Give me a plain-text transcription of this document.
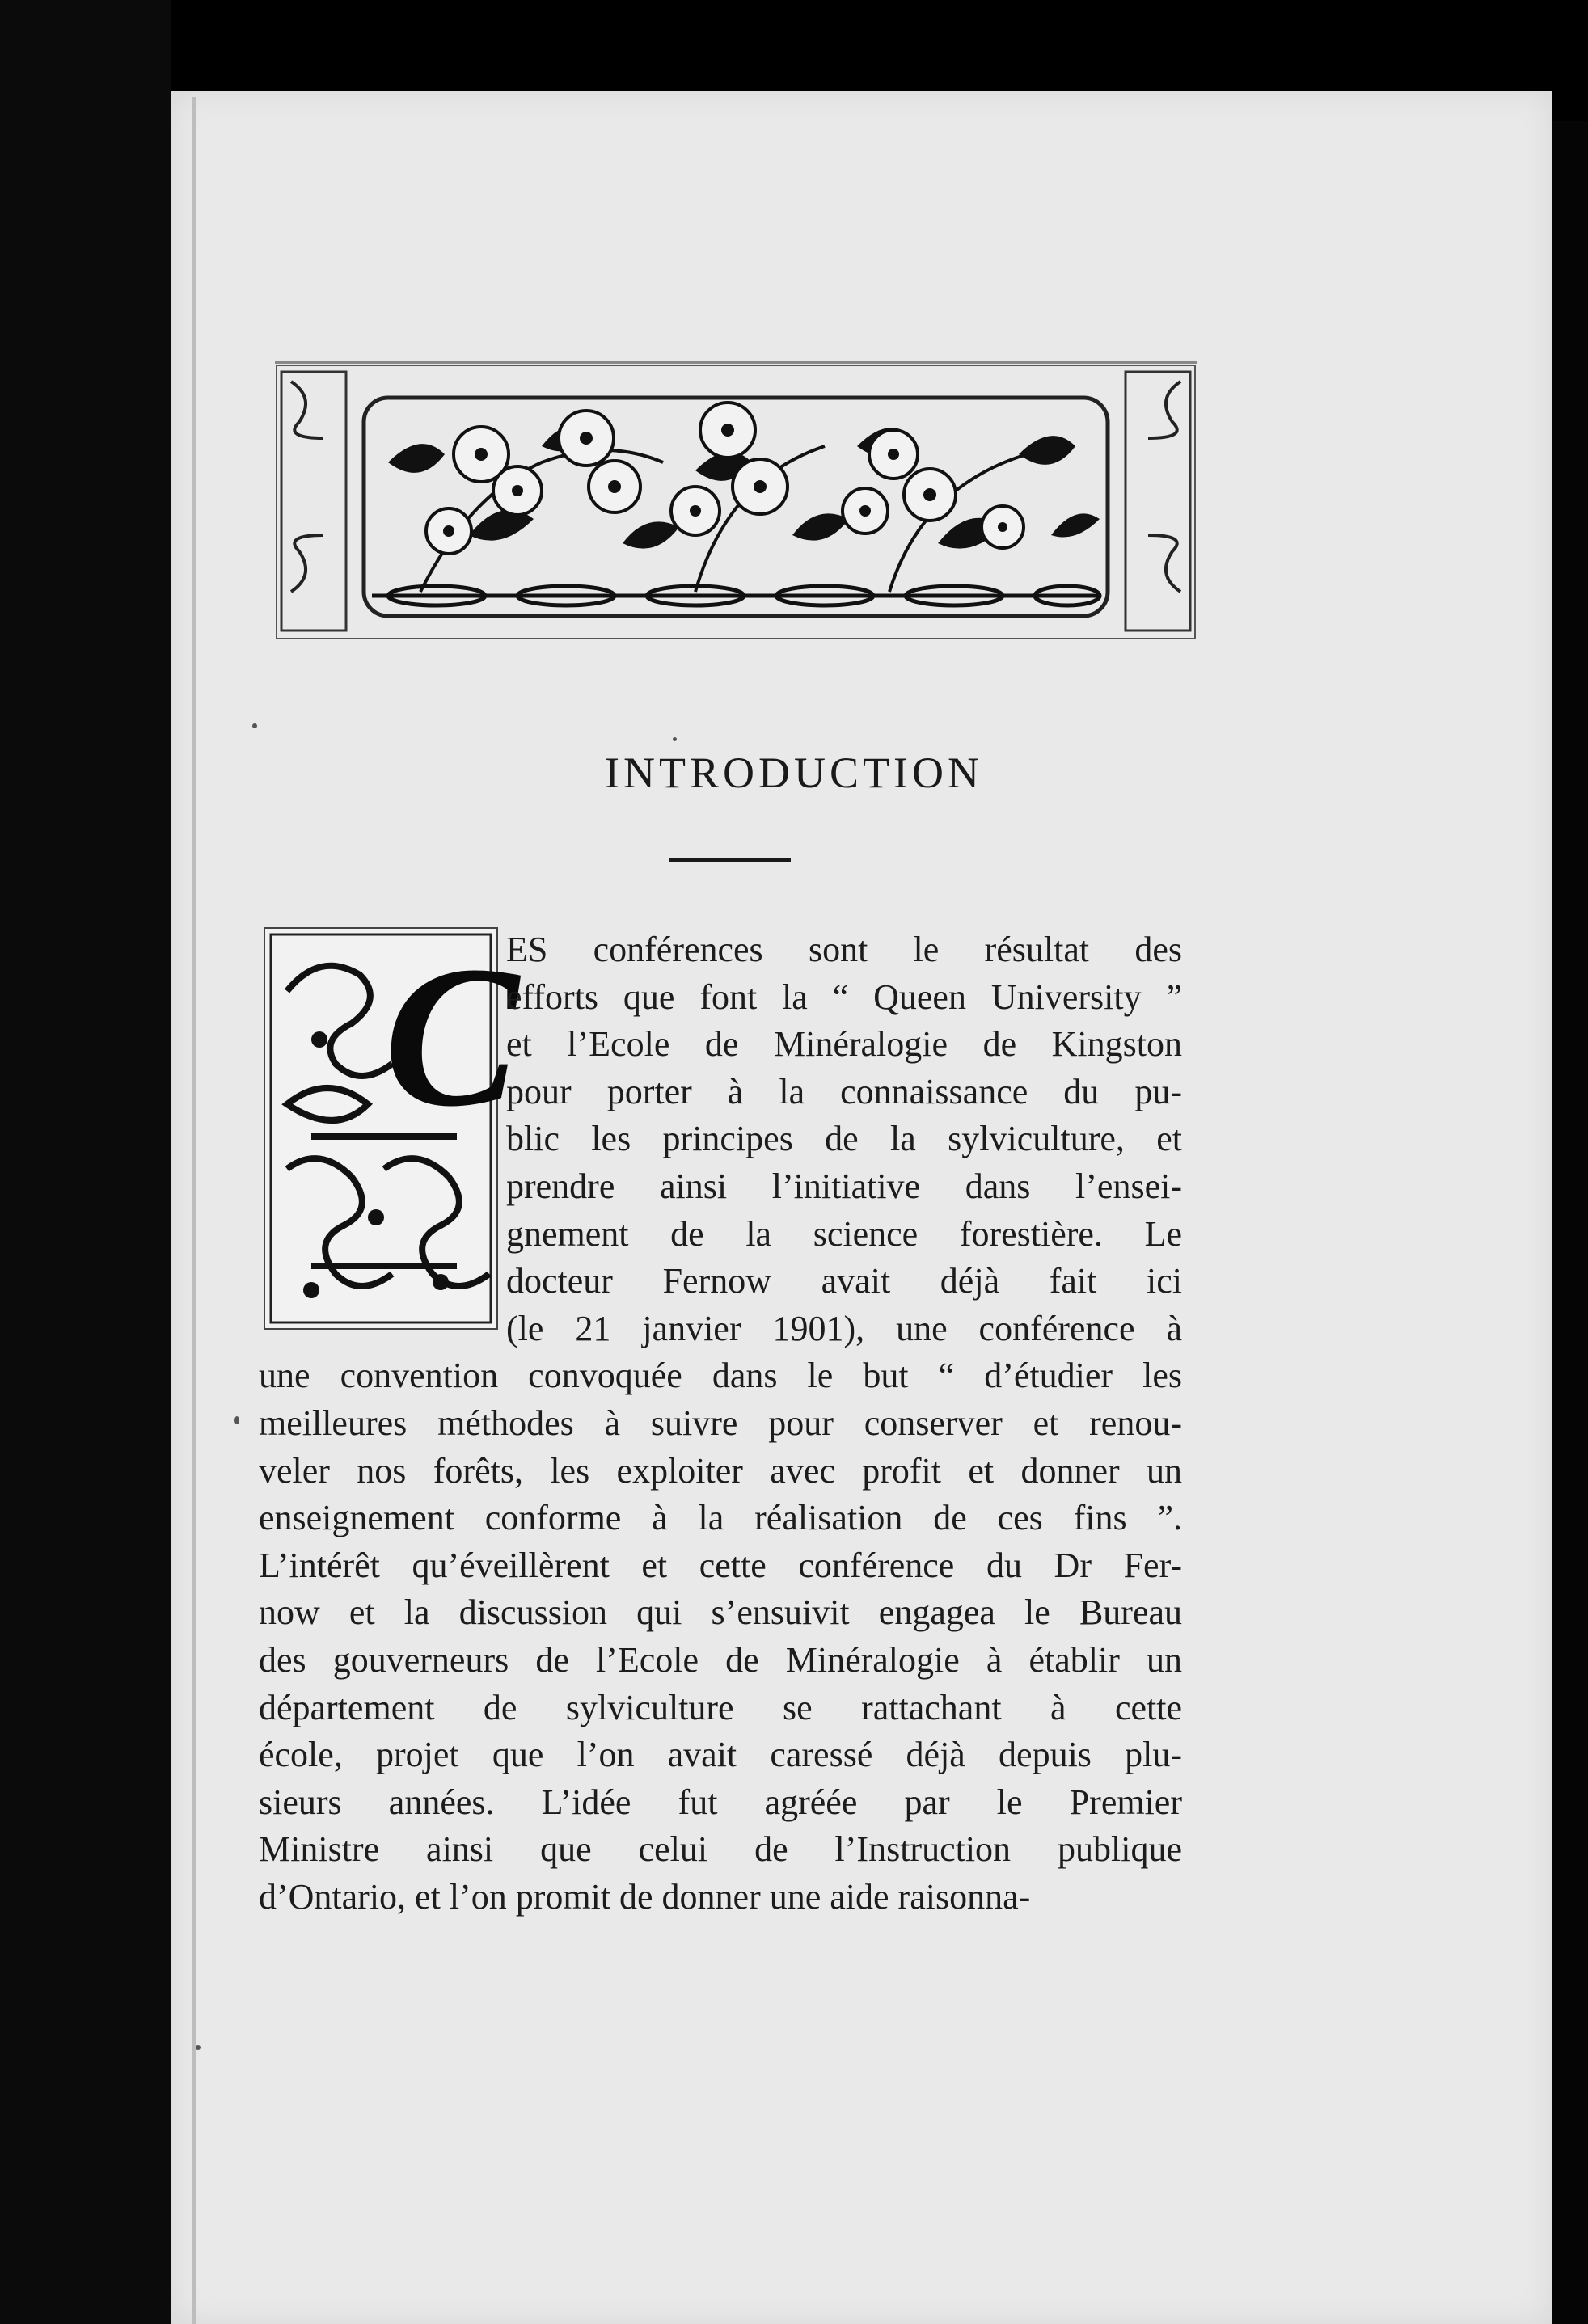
INTRODUCTION
C
ES conférences sont le résultat des
efforts que font la “ Queen University ”
et l’Ecole de Minéralogie de Kingston
pour porter à la connaissance du pu-
blic les principes de la sylviculture, et
prendre ainsi l’initiative dans l’ensei-
gnement de la science forestière. Le
docteur Fernow avait déjà fait ici
(le 21 janvier 1901), une conférence à
une convention convoquée dans le but “ d’étudier les
meilleures méthodes à suivre pour conserver et renou-
veler nos forêts, les exploiter avec profit et donner un
enseignement conforme à la réalisation de ces fins ”.
L’intérêt qu’éveillèrent et cette conférence du Dr Fer-
now et la discussion qui s’ensuivit engagea le Bureau
des gouverneurs de l’Ecole de Minéralogie à établir un
département de sylviculture se rattachant à cette
école, projet que l’on avait caressé déjà depuis plu-
sieurs années. L’idée fut agréée par le Premier
Ministre ainsi que celui de l’Instruction publique
d’Ontario, et l’on promit de donner une aide raisonna-
